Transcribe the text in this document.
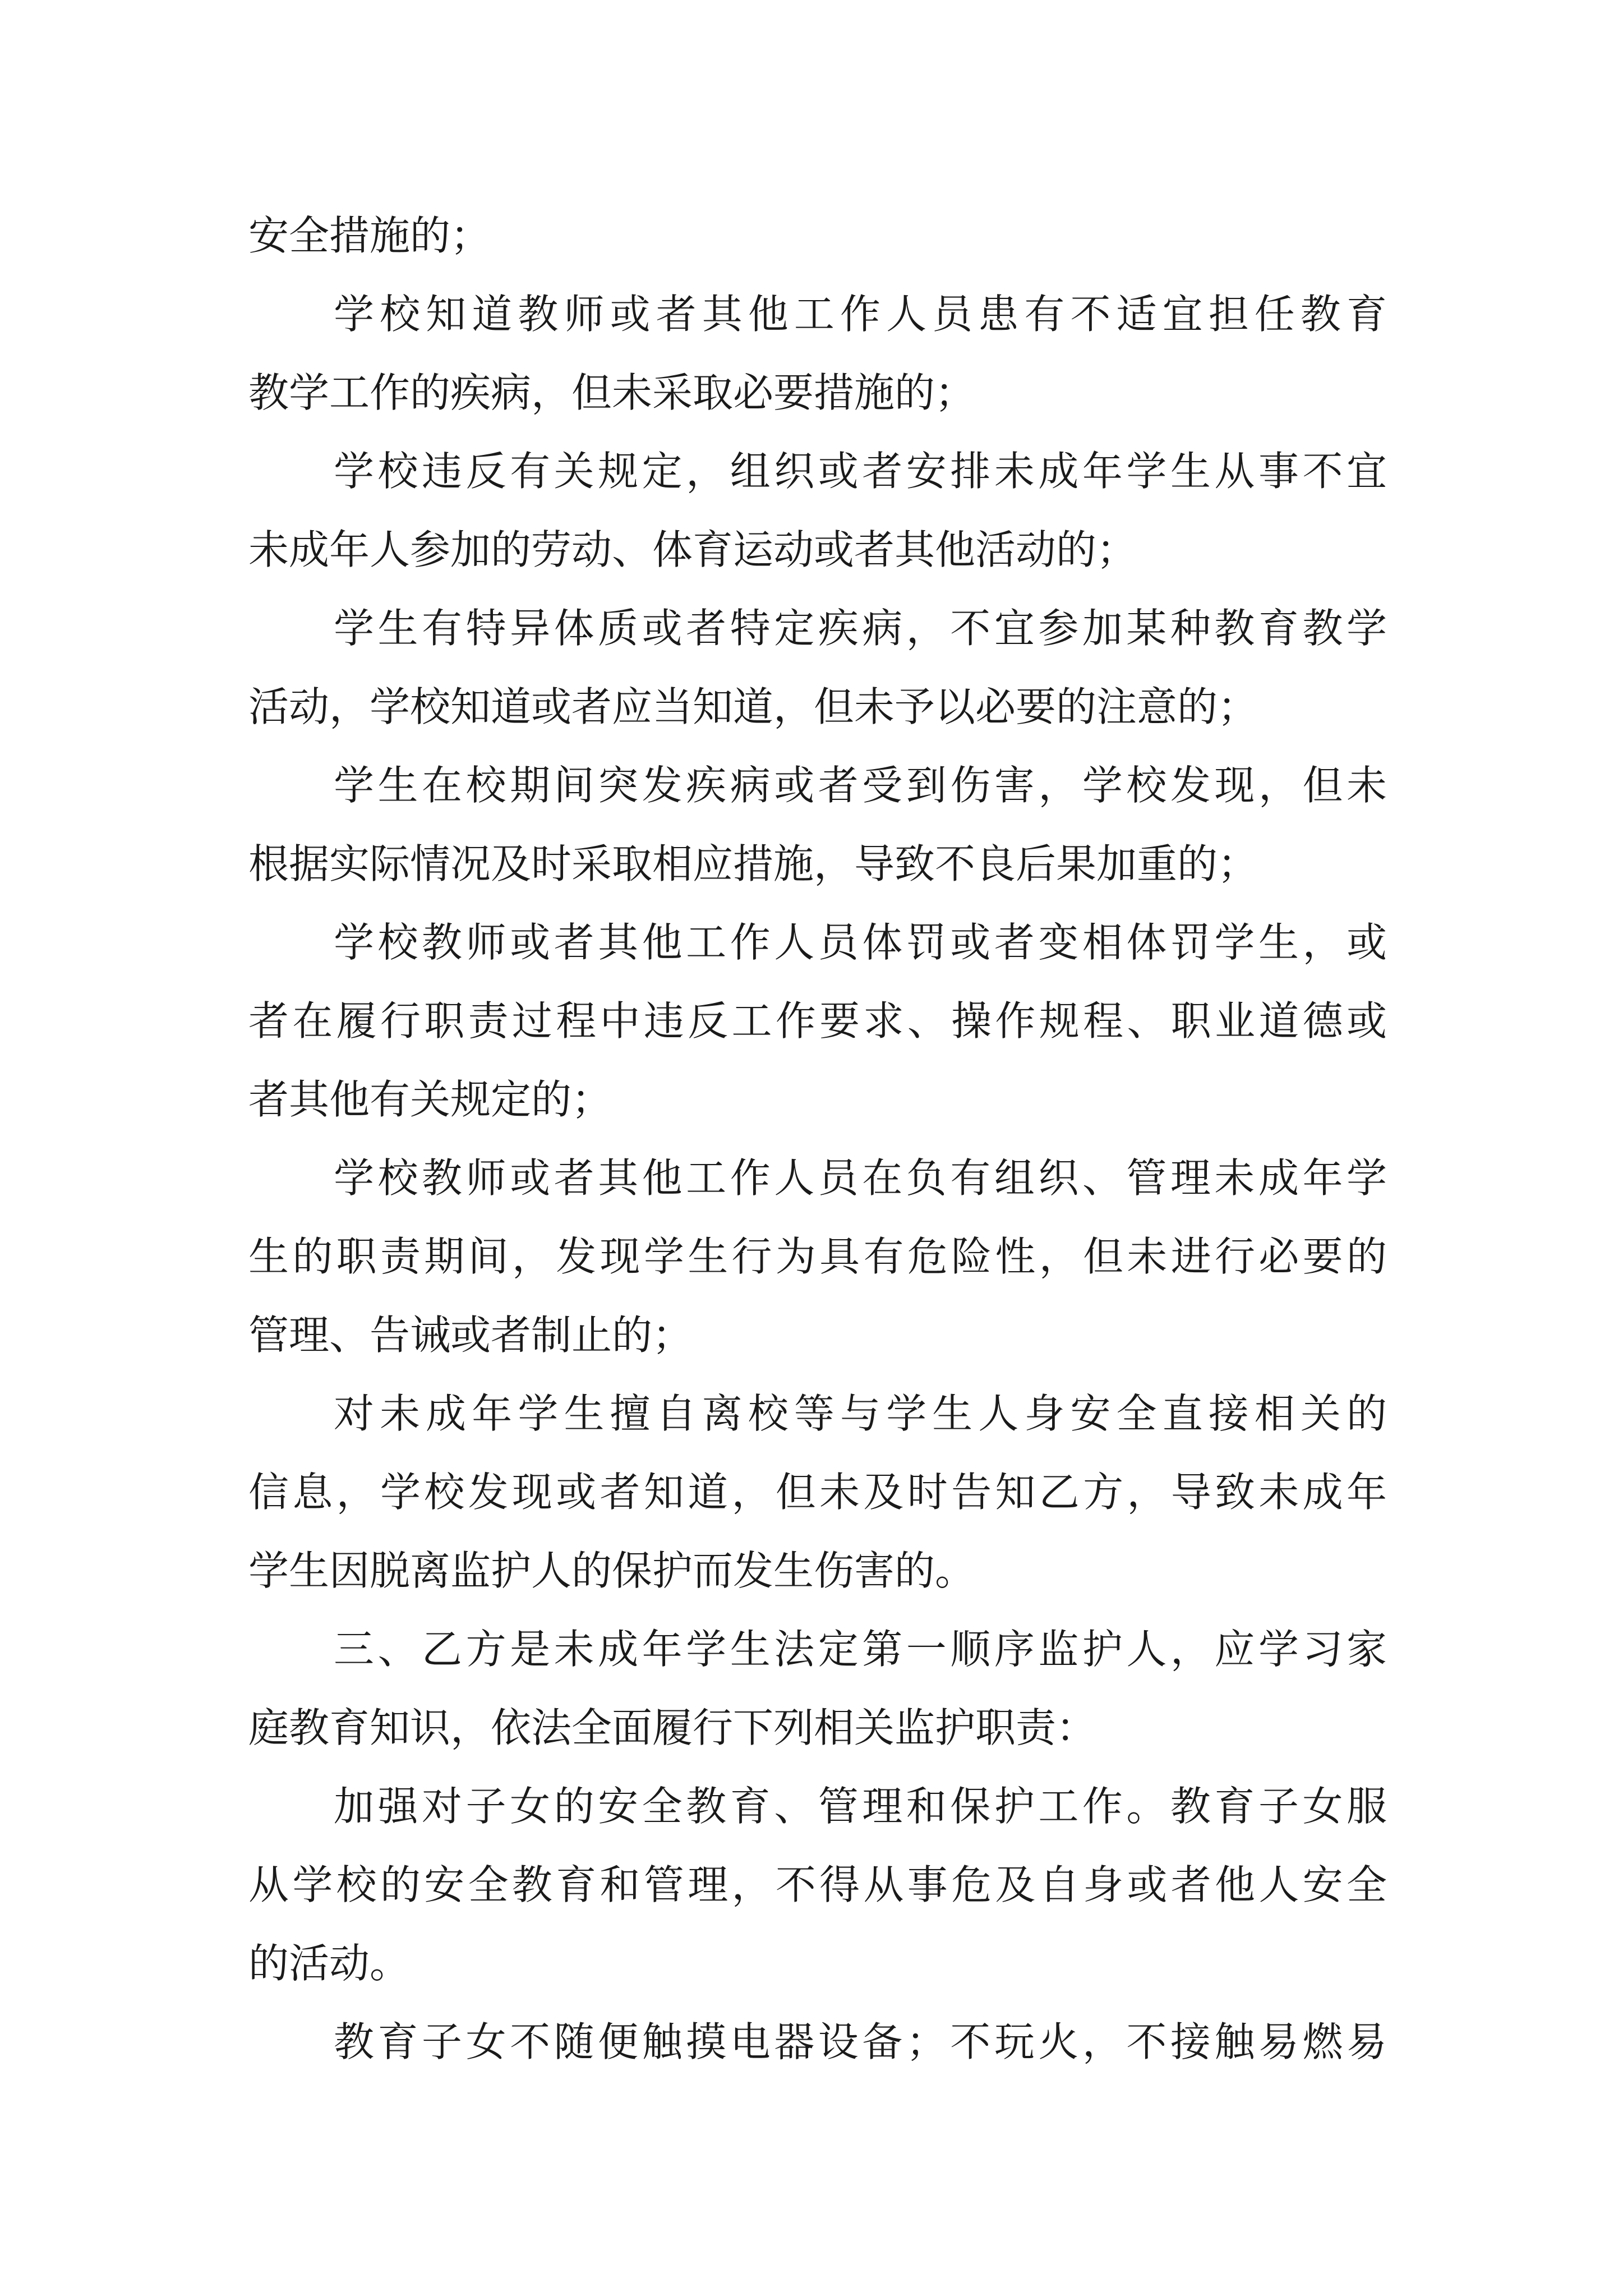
安全措施的；
学校知道教师或者其他工作人员患有不适宜担任教育
教学工作的疾病，但未采取必要措施的；
学校违反有关规定，组织或者安排未成年学生从事不宜
未成年人参加的劳动、体育运动或者其他活动的；
学生有特异体质或者特定疾病，不宜参加某种教育教学
活动，学校知道或者应当知道，但未予以必要的注意的；
学生在校期间突发疾病或者受到伤害，学校发现，但未
根据实际情况及时采取相应措施，导致不良后果加重的；
学校教师或者其他工作人员体罚或者变相体罚学生，或
者在履行职责过程中违反工作要求、操作规程、职业道德或
者其他有关规定的；
学校教师或者其他工作人员在负有组织、管理未成年学
生的职责期间，发现学生行为具有危险性，但未进行必要的
管理、告诫或者制止的；
对未成年学生擅自离校等与学生人身安全直接相关的
信息，学校发现或者知道，但未及时告知乙方，导致未成年
学生因脱离监护人的保护而发生伤害的。
三、乙方是未成年学生法定第一顺序监护人，应学习家
庭教育知识，依法全面履行下列相关监护职责：
加强对子女的安全教育、管理和保护工作。教育子女服
从学校的安全教育和管理，不得从事危及自身或者他人安全
的活动。
教育子女不随便触摸电器设备；不玩火，不接触易燃易
